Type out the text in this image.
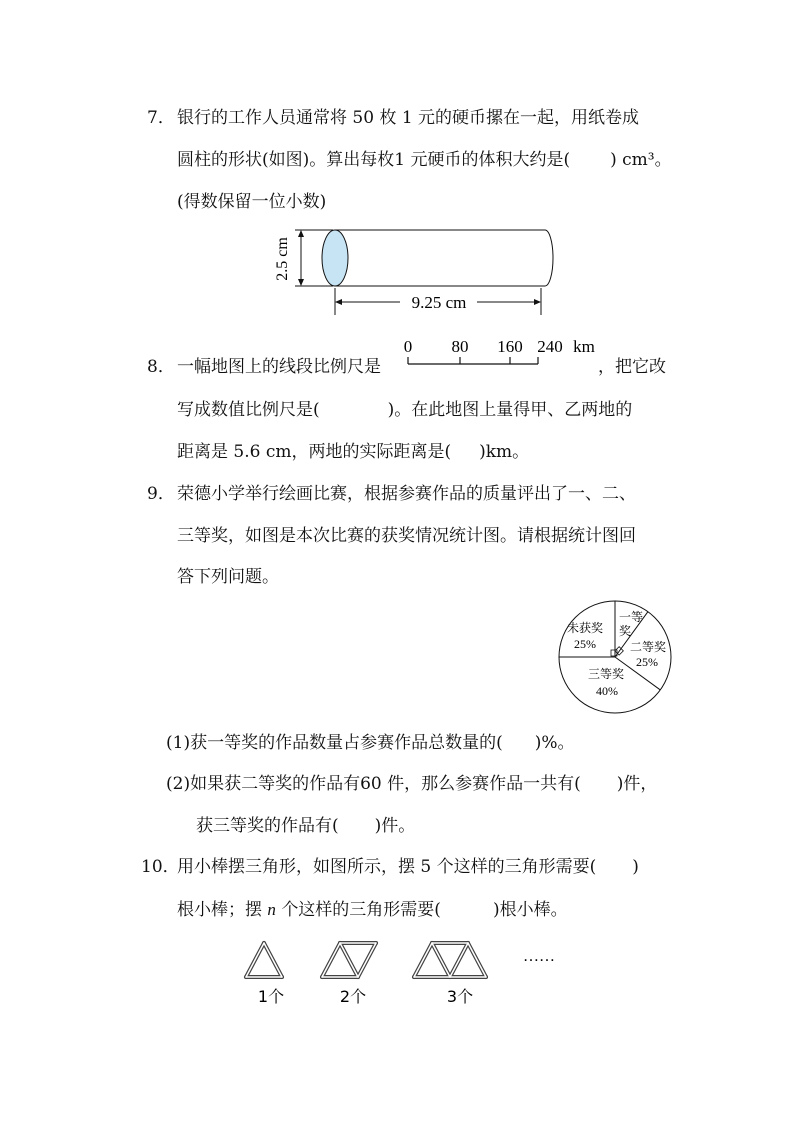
7． 银行的工作人员通常将 50 枚 1 元的硬币摞在一起，用纸卷成
圆柱的形状(如图)。算出每枚1 元硬币的体积大约是( ) cm³。
(得数保留一位小数)
2.5 cm
9.25 cm
8． 一幅地图上的线段比例尺是
0 80 160 240 km
，把它改
写成数值比例尺是(	)。在此地图上量得甲、乙两地的
距离是 5.6 cm，两地的实际距离是( )km。
9． 荣德小学举行绘画比赛，根据参赛作品的质量评出了一、二、
三等奖，如图是本次比赛的获奖情况统计图。请根据统计图回
答下列问题。
未获奖
25%
一等
奖
二等奖
25%
三等奖
40%
(1)获一等奖的作品数量占参赛作品总数量的( )%。
(2)如果获二等奖的作品有60 件，那么参赛作品一共有( )件，
获三等奖的作品有( )件。
10．
用小棒摆三角形，如图所示，摆 5 个这样的三角形需要( )
根小棒；摆 n 个这样的三角形需要(	)根小棒。
……
1个	2个	3个
